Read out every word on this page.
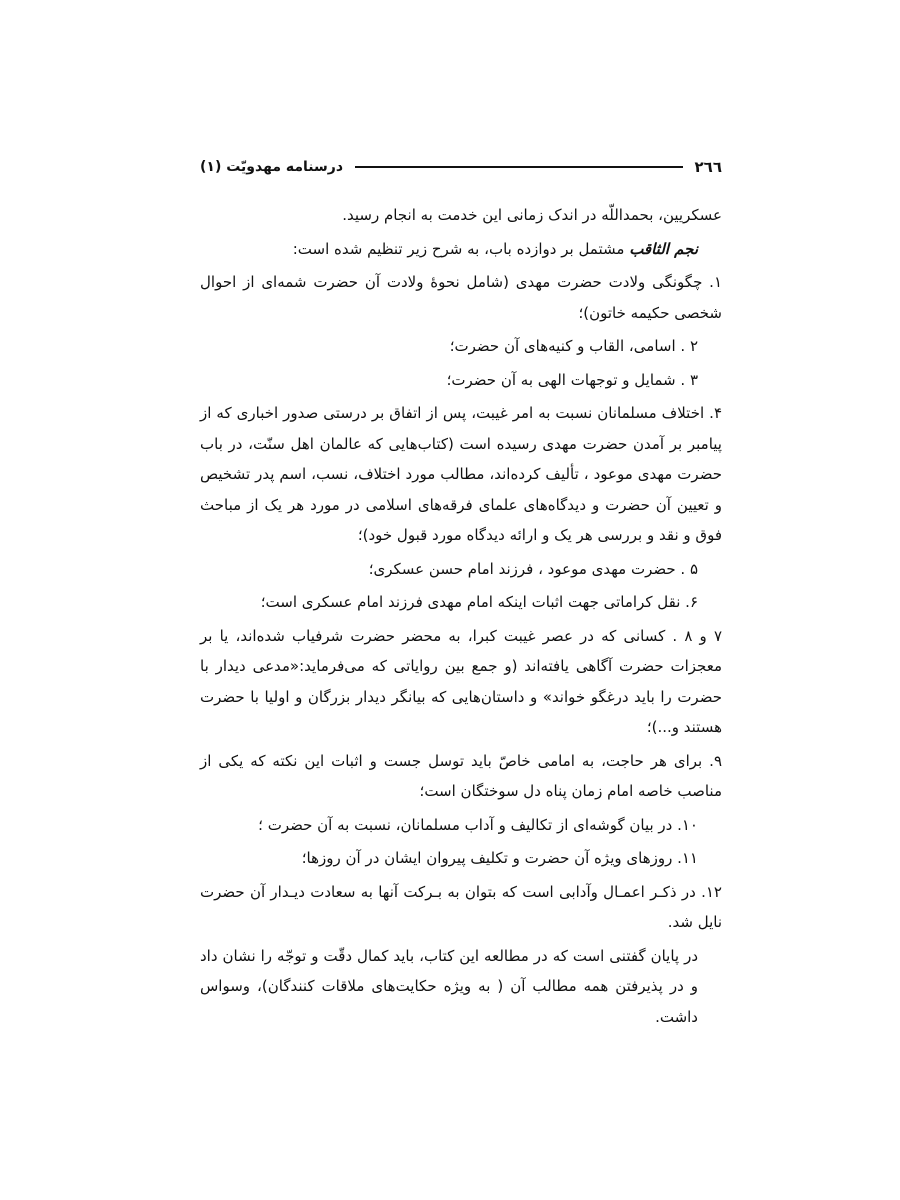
٢٦٦
درسنامه مهدویّت (١)

عسکریین، بحمداللّه در اندک زمانی این خدمت به انجام رسید.

نجم الثاقب مشتمل بر دوازده باب، به شرح زیر تنظیم شده است:

١. چگونگی ولادت حضرت مهدی (شامل نحوهٔ ولادت آن حضرت شمه‌ای از احوال شخصی حکیمه خاتون)؛

٢ . اسامی، القاب و کنیه‌های آن حضرت؛

٣ . شمایل و توجهات الهی به آن حضرت؛

۴. اختلاف مسلمانان نسبت به امر غیبت، پس از اتفاق بر درستی صدور اخباری که از پیامبر بر آمدن حضرت مهدی رسیده است (کتاب‌هایی که عالمان اهل سنّت، در باب حضرت مهدی موعود ، تألیف کرده‌اند، مطالب مورد اختلاف، نسب، اسم پدر تشخیص و تعیین آن حضرت و دیدگاه‌های علمای فرقه‌های اسلامی در مورد هر یک از مباحث فوق و نقد و بررسی هر یک و ارائه دیدگاه مورد قبول خود)؛

۵ . حضرت مهدی موعود ، فرزند امام حسن عسکری؛

۶. نقل کراماتی جهت اثبات اینکه امام مهدی فرزند امام عسکری است؛

٧ و ٨ . کسانی که در عصر غیبت کبرا، به محضر حضرت شرفیاب شده‌اند، یا بر معجزات حضرت آگاهی یافته‌اند (و جمع بین روایاتی که می‌فرماید:«مدعی دیدار با حضرت را باید درغگو خواند» و داستان‌هایی که بیانگر دیدار بزرگان و اولیا با حضرت هستند و...)؛

٩. برای هر حاجت، به امامی خاصّ باید توسل جست و اثبات این نکته که یکی از مناصب خاصه امام زمان پناه دل سوختگان است؛

١٠. در بیان گوشه‌ای از تکالیف و آداب مسلمانان، نسبت به آن حضرت ؛

١١. روزهای ویژه آن حضرت و تکلیف پیروان ایشان در آن روزها؛

١٢. در ذکـر اعمـال وآدابی است که بتوان به بـرکت آنها به سعادت دیـدار آن حضرت نایل شد.

در پایان گفتنی است که در مطالعه این کتاب، باید کمال دقّت و توجّه را نشان داد و در پذیرفتن همه مطالب آن ( به ویژه حکایت‌های ملاقات کنندگان)، وسواس داشت.
